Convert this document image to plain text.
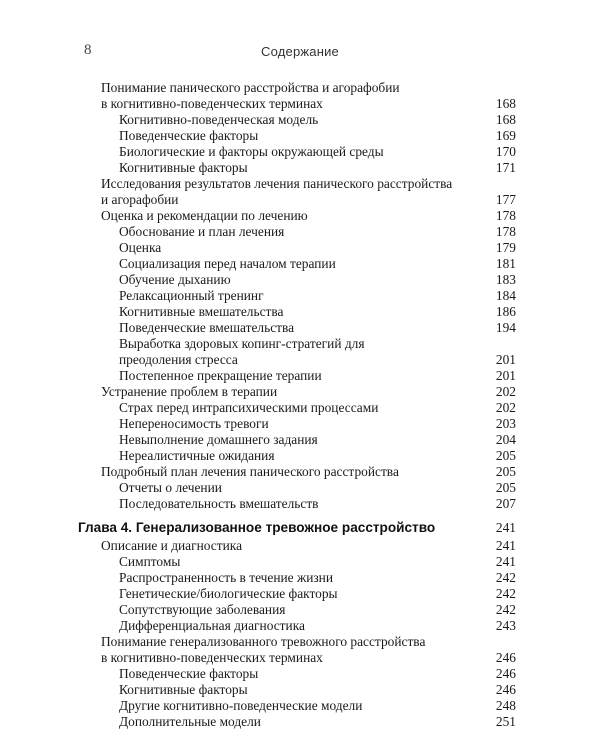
8	Содержание
Понимание панического расстройства и агорафобии
в когнитивно-поведенческих терминах	168
Когнитивно-поведенческая модель	168
Поведенческие факторы	169
Биологические и факторы окружающей среды	170
Когнитивные факторы	171
Исследования результатов лечения панического расстройства
и агорафобии	177
Оценка и рекомендации по лечению	178
Обоснование и план лечения	178
Оценка	179
Социализация перед началом терапии	181
Обучение дыханию	183
Релаксационный тренинг	184
Когнитивные вмешательства	186
Поведенческие вмешательства	194
Выработка здоровых копинг-стратегий для
преодоления стресса	201
Постепенное прекращение терапии	201
Устранение проблем в терапии	202
Страх перед интрапсихическими процессами	202
Непереносимость тревоги	203
Невыполнение домашнего задания	204
Нереалистичные ожидания	205
Подробный план лечения панического расстройства	205
Отчеты о лечении	205
Последовательность вмешательств	207
Глава 4. Генерализованное тревожное расстройство	241
Описание и диагностика	241
Симптомы	241
Распространенность в течение жизни	242
Генетические/биологические факторы	242
Сопутствующие заболевания	242
Дифференциальная диагностика	243
Понимание генерализованного тревожного расстройства
в когнитивно-поведенческих терминах	246
Поведенческие факторы	246
Когнитивные факторы	246
Другие когнитивно-поведенческие модели	248
Дополнительные модели	251
